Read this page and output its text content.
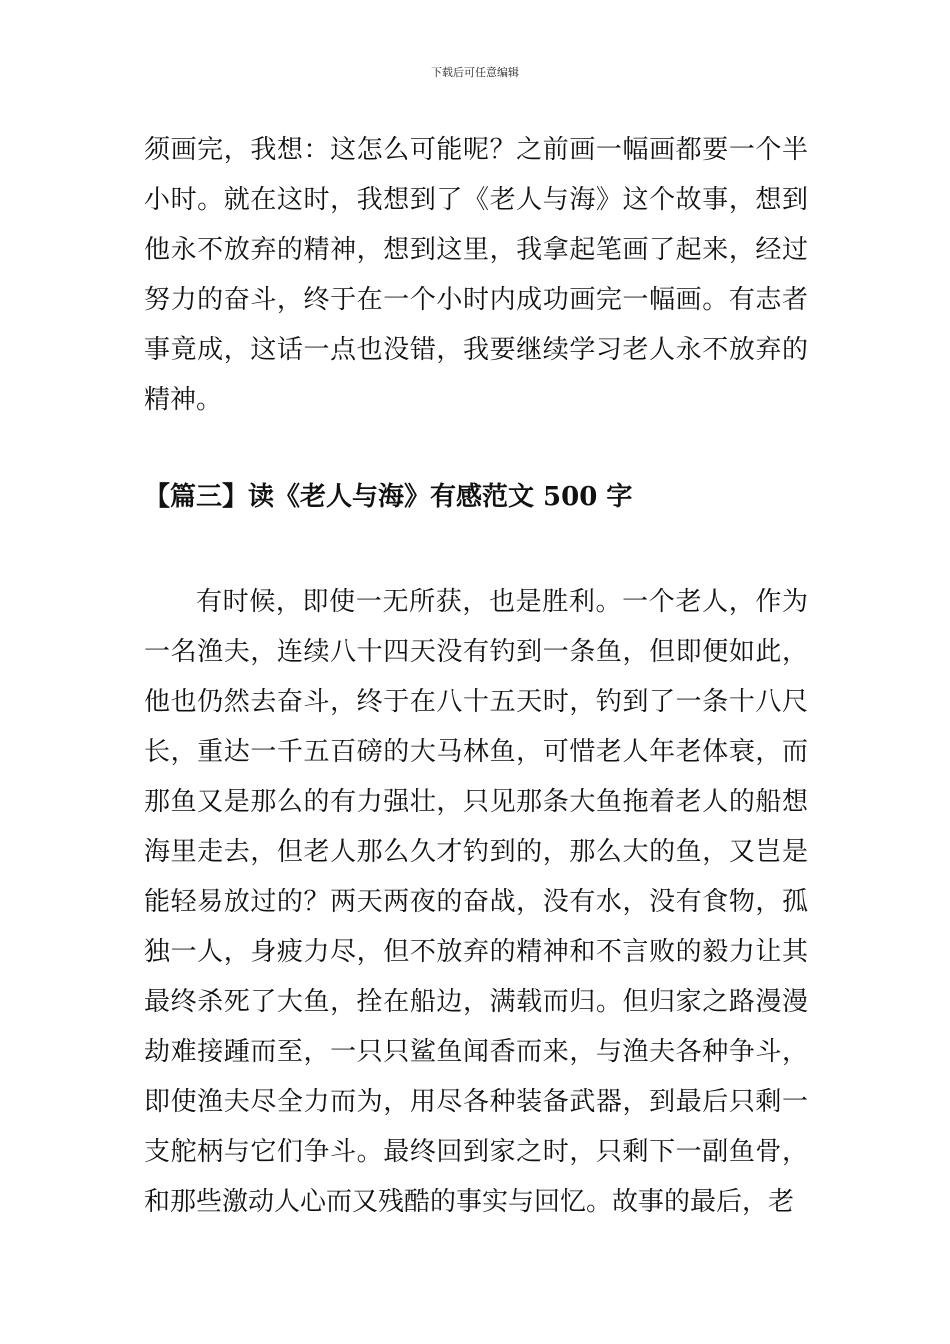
下载后可任意编辑

须画完，我想：这怎么可能呢？之前画一幅画都要一个半小时。就在这时，我想到了《老人与海》这个故事，想到他永不放弃的精神，想到这里，我拿起笔画了起来，经过努力的奋斗，终于在一个小时内成功画完一幅画。有志者事竟成，这话一点也没错，我要继续学习老人永不放弃的精神。

【篇三】读《老人与海》有感范文 500 字

有时候，即使一无所获，也是胜利。一个老人，作为一名渔夫，连续八十四天没有钓到一条鱼，但即便如此，他也仍然去奋斗，终于在八十五天时，钓到了一条十八尺长，重达一千五百磅的大马林鱼，可惜老人年老体衰，而那鱼又是那么的有力强壮，只见那条大鱼拖着老人的船想海里走去，但老人那么久才钓到的，那么大的鱼，又岂是能轻易放过的？两天两夜的奋战，没有水，没有食物，孤独一人，身疲力尽，但不放弃的精神和不言败的毅力让其最终杀死了大鱼，拴在船边，满载而归。但归家之路漫漫劫难接踵而至，一只只鲨鱼闻香而来，与渔夫各种争斗，即使渔夫尽全力而为，用尽各种装备武器，到最后只剩一支舵柄与它们争斗。最终回到家之时，只剩下一副鱼骨，和那些激动人心而又残酷的事实与回忆。故事的最后，老
